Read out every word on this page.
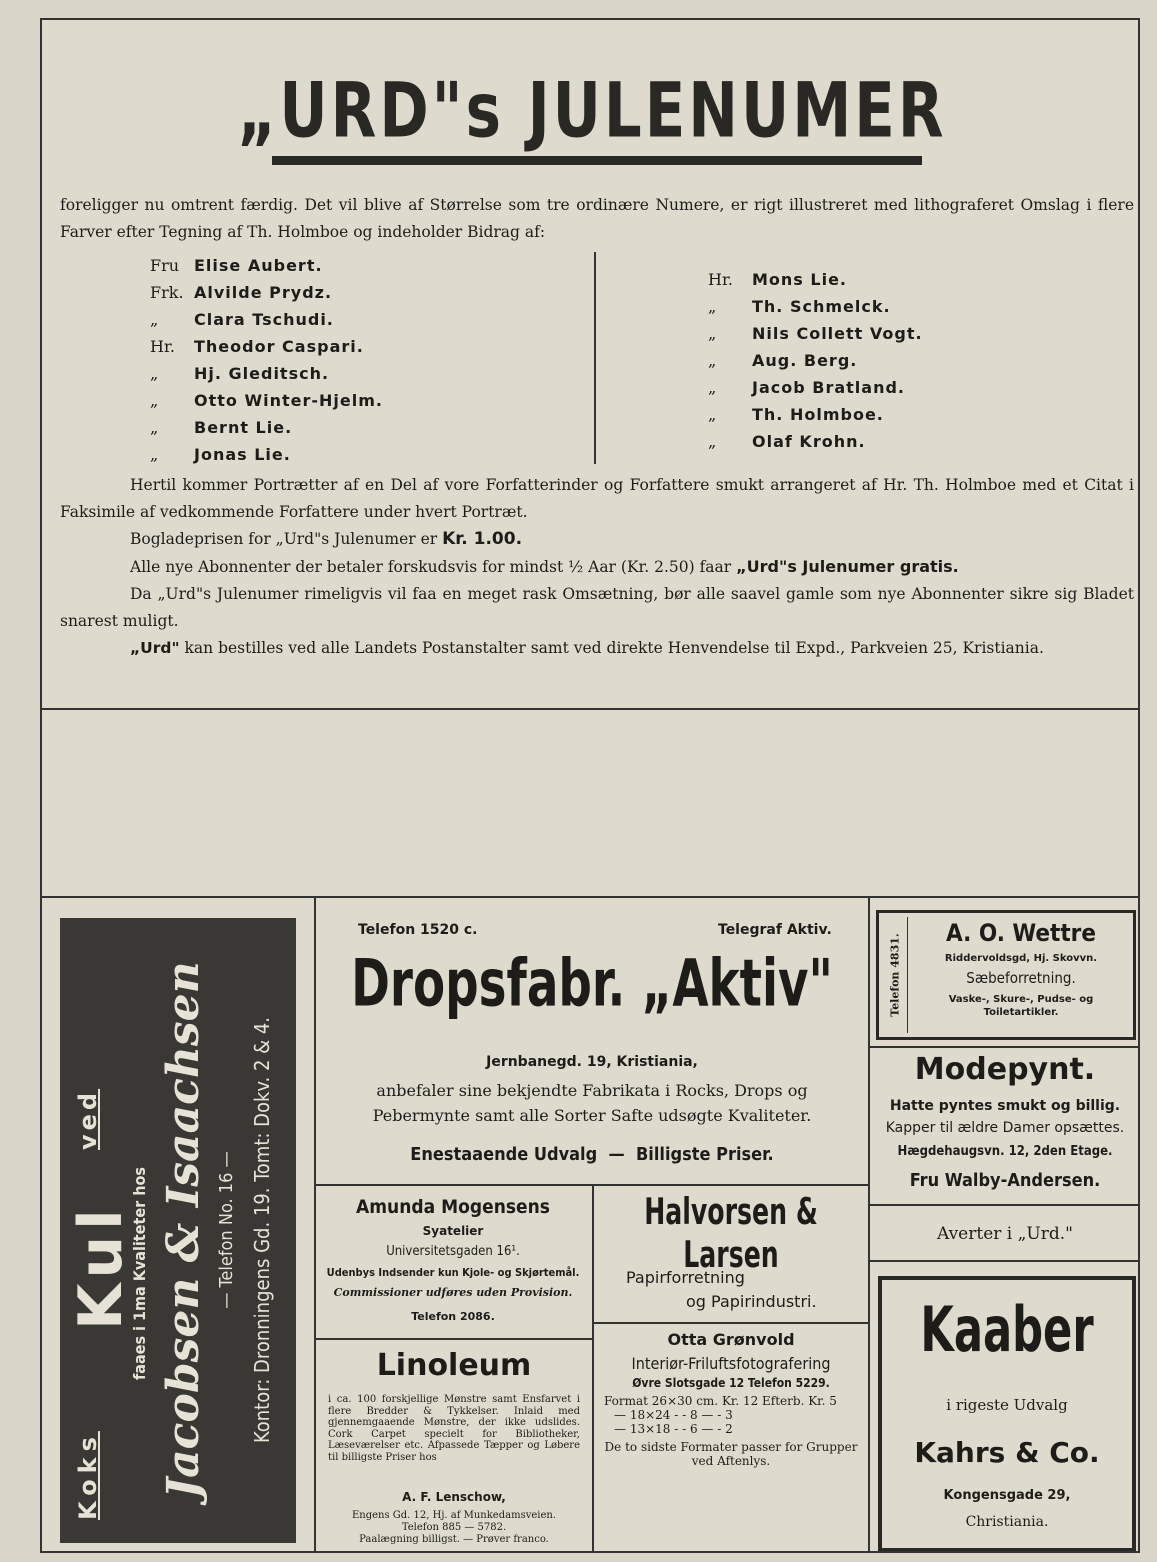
„URD"s JULENUMER
foreligger nu omtrent færdig. Det vil blive af Størrelse som tre ordinære Numere, er rigt illustreret med lithograferet Omslag i flere Farver efter Tegning af Th. Holmboe og indeholder Bidrag af:
Fru Elise Aubert.
Frk. Alvilde Prydz.
„ Clara Tschudi.
Hr. Theodor Caspari.
„ Hj. Gleditsch.
„ Otto Winter-Hjelm.
„ Bernt Lie.
„ Jonas Lie.
Hr. Mons Lie.
„ Th. Schmelck.
„ Nils Collett Vogt.
„ Aug. Berg.
„ Jacob Bratland.
„ Th. Holmboe.
„ Olaf Krohn.
Hertil kommer Portrætter af en Del af vore Forfatterinder og Forfattere smukt arrangeret af Hr. Th. Holmboe med et Citat i Faksimile af vedkommende Forfattere under hvert Portræt.
Bogladeprisen for „Urd"s Julenumer er Kr. 1.00.
Alle nye Abonnenter der betaler forskudsvis for mindst ½ Aar (Kr. 2.50) faar „Urd"s Julenumer gratis.
Da „Urd"s Julenumer rimeligvis vil faa en meget rask Omsætning, bør alle saavel gamle som nye Abonnenter sikre sig Bladet snarest muligt.
„Urd" kan bestilles ved alle Landets Postanstalter samt ved direkte Henvendelse til Expd., Parkveien 25, Kristiania.
Koks
Kul
ved
faaes i 1ma Kvaliteter hos Jacobsen & Isaachsen — Telefon No. 16 — Kontor: Dronningens Gd. 19. Tomt: Dokv. 2 & 4.
Telefon 1520 c.	Telegraf Aktiv.
Dropsfabr. „Aktiv"
Jernbanegd. 19, Kristiania,
anbefaler sine bekjendte Fabrikata i Rocks, Drops og Pebermynte samt alle Sorter Safte udsøgte Kvaliteter.
Enestaaende Udvalg — Billigste Priser.
Telefon 4831.
A. O. Wettre
Riddervoldsgd, Hj. Skovvn.
Sæbeforretning.
Vaske-, Skure-, Pudse- og Toiletartikler.
Modepynt.
Hatte pyntes smukt og billig.
Kapper til ældre Damer opsættes.
Hægdehaugsvn. 12, 2den Etage.
Fru Walby-Andersen.
Averter i „Urd."
Kaaber
i rigeste Udvalg
Kahrs & Co.
Kongensgade 29,
Christiania.
Amunda Mogensens
Syatelier
Universitetsgaden 16¹.
Udenbys Indsender kun Kjole- og Skjørtemål.
Commissioner udføres uden Provision.
Telefon 2086.
Halvorsen & Larsen
Papirforretning
og Papirindustri.
Linoleum
i ca. 100 forskjellige Mønstre samt Ensfarvet i flere Bredder & Tykkelser. Inlaid med gjennemgaaende Mønstre, der ikke udslides. Cork Carpet specielt for Bibliotheker, Læseværelser etc. Afpassede Tæpper og Løbere til billigste Priser hos
A. F. Lenschow,
Engens Gd. 12, Hj. af Munkedamsveien.
Telefon 885 — 5782.
Paalægning billigst. — Prøver franco.
Otta Grønvold
Interiør-Friluftsfotografering
Øvre Slotsgade 12 Telefon 5229.
Format 26×30 cm. Kr. 12 Efterb. Kr. 5
— 18×24 - - 8 — - 3
— 13×18 - - 6 — - 2
De to sidste Formater passer for Grupper ved Aftenlys.
